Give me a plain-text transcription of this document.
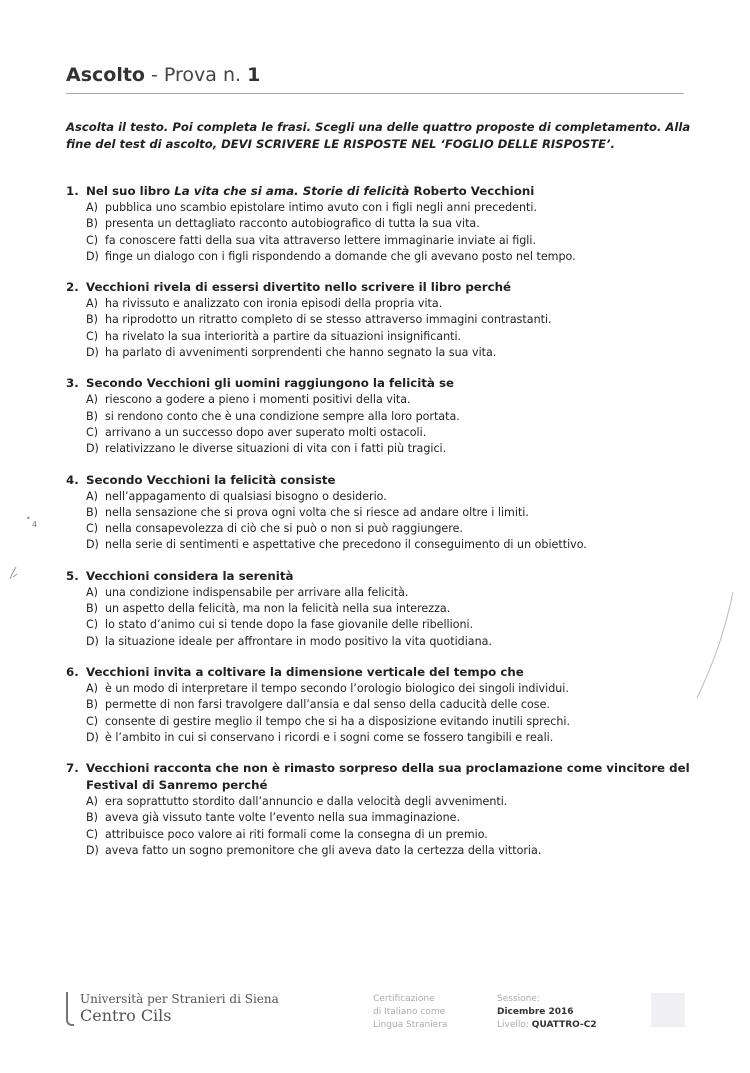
Ascolto - Prova n. 1
Ascolta il testo. Poi completa le frasi. Scegli una delle quattro proposte di completamento. Alla fine del test di ascolto, DEVI SCRIVERE LE RISPOSTE NEL ‘FOGLIO DELLE RISPOSTE’.
1. Nel suo libro La vita che si ama. Storie di felicità Roberto Vecchioni
A) pubblica uno scambio epistolare intimo avuto con i figli negli anni precedenti.
B) presenta un dettagliato racconto autobiografico di tutta la sua vita.
C) fa conoscere fatti della sua vita attraverso lettere immaginarie inviate ai figli.
D) finge un dialogo con i figli rispondendo a domande che gli avevano posto nel tempo.
2. Vecchioni rivela di essersi divertito nello scrivere il libro perché
A) ha rivissuto e analizzato con ironia episodi della propria vita.
B) ha riprodotto un ritratto completo di se stesso attraverso immagini contrastanti.
C) ha rivelato la sua interiorità a partire da situazioni insignificanti.
D) ha parlato di avvenimenti sorprendenti che hanno segnato la sua vita.
3. Secondo Vecchioni gli uomini raggiungono la felicità se
A) riescono a godere a pieno i momenti positivi della vita.
B) si rendono conto che è una condizione sempre alla loro portata.
C) arrivano a un successo dopo aver superato molti ostacoli.
D) relativizzano le diverse situazioni di vita con i fatti più tragici.
4. Secondo Vecchioni la felicità consiste
A) nell’appagamento di qualsiasi bisogno o desiderio.
B) nella sensazione che si prova ogni volta che si riesce ad andare oltre i limiti.
C) nella consapevolezza di ciò che si può o non si può raggiungere.
D) nella serie di sentimenti e aspettative che precedono il conseguimento di un obiettivo.
5. Vecchioni considera la serenità
A) una condizione indispensabile per arrivare alla felicità.
B) un aspetto della felicità, ma non la felicità nella sua interezza.
C) lo stato d’animo cui si tende dopo la fase giovanile delle ribellioni.
D) la situazione ideale per affrontare in modo positivo la vita quotidiana.
6. Vecchioni invita a coltivare la dimensione verticale del tempo che
A) è un modo di interpretare il tempo secondo l’orologio biologico dei singoli individui.
B) permette di non farsi travolgere dall’ansia e dal senso della caducità delle cose.
C) consente di gestire meglio il tempo che si ha a disposizione evitando inutili sprechi.
D) è l’ambito in cui si conservano i ricordi e i sogni come se fossero tangibili e reali.
7. Vecchioni racconta che non è rimasto sorpreso della sua proclamazione come vincitore del Festival di Sanremo perché
A) era soprattutto stordito dall’annuncio e dalla velocità degli avvenimenti.
B) aveva già vissuto tante volte l’evento nella sua immaginazione.
C) attribuisce poco valore ai riti formali come la consegna di un premio.
D) aveva fatto un sogno premonitore che gli aveva dato la certezza della vittoria.
4
•
Università per Stranieri di Siena
Centro Cils
Certificazione
di Italiano come
Lingua Straniera
Sessione:
Dicembre 2016
Livello: QUATTRO-C2
